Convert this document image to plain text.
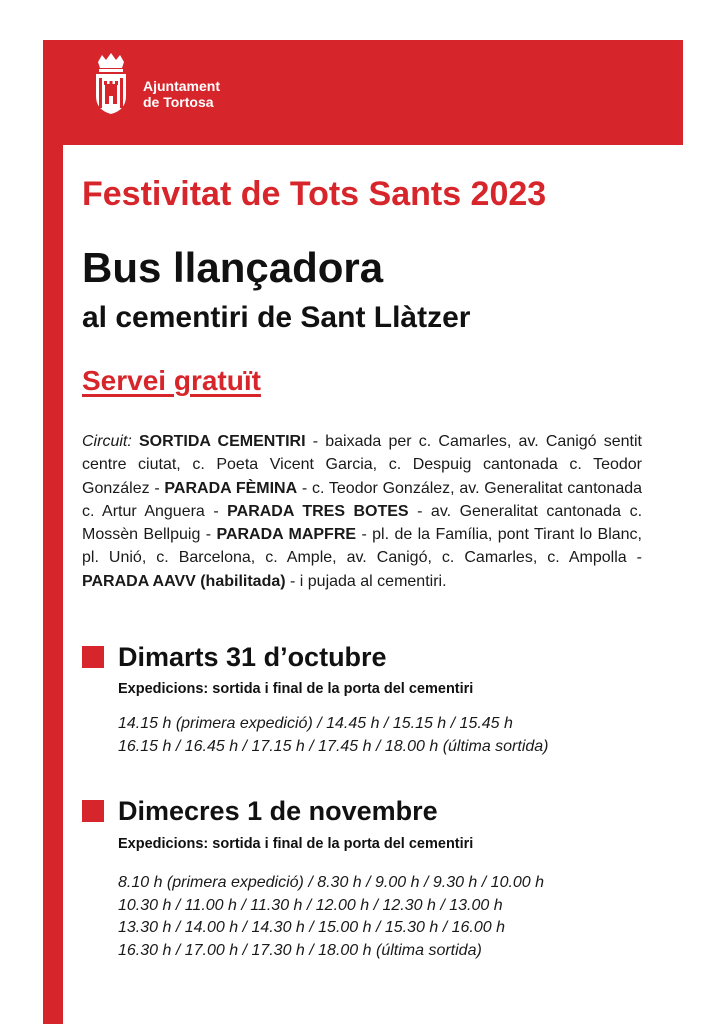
Ajuntament
de Tortosa
Festivitat de Tots Sants 2023
Bus llançadora
al cementiri de Sant Llàtzer
Servei gratuït

Circuit: SORTIDA CEMENTIRI - baixada per c. Camarles, av. Canigó sentit centre ciutat, c. Poeta Vicent Garcia, c. Despuig cantonada c. Teodor González - PARADA FÈMINA - c. Teodor González, av. Generalitat cantonada c. Artur Anguera - PARADA TRES BOTES - av. Generalitat cantonada c. Mossèn Bellpuig - PARADA MAPFRE - pl. de la Família, pont Tirant lo Blanc, pl. Unió, c. Barcelona, c. Ample, av. Canigó, c. Camarles, c. Ampolla - PARADA AAVV (habilitada) - i pujada al cementiri.

Dimarts 31 d’octubre

Expedicions: sortida i final de la porta del cementiri

14.15 h (primera expedició) / 14.45 h / 15.15 h / 15.45 h
16.15 h / 16.45 h / 17.15 h / 17.45 h / 18.00 h (última sortida)

Dimecres 1 de novembre

Expedicions: sortida i final de la porta del cementiri

8.10 h (primera expedició) / 8.30 h / 9.00 h / 9.30 h / 10.00 h
10.30 h / 11.00 h / 11.30 h / 12.00 h / 12.30 h / 13.00 h
13.30 h / 14.00 h / 14.30 h / 15.00 h / 15.30 h / 16.00 h
16.30 h / 17.00 h / 17.30 h / 18.00 h (última sortida)
